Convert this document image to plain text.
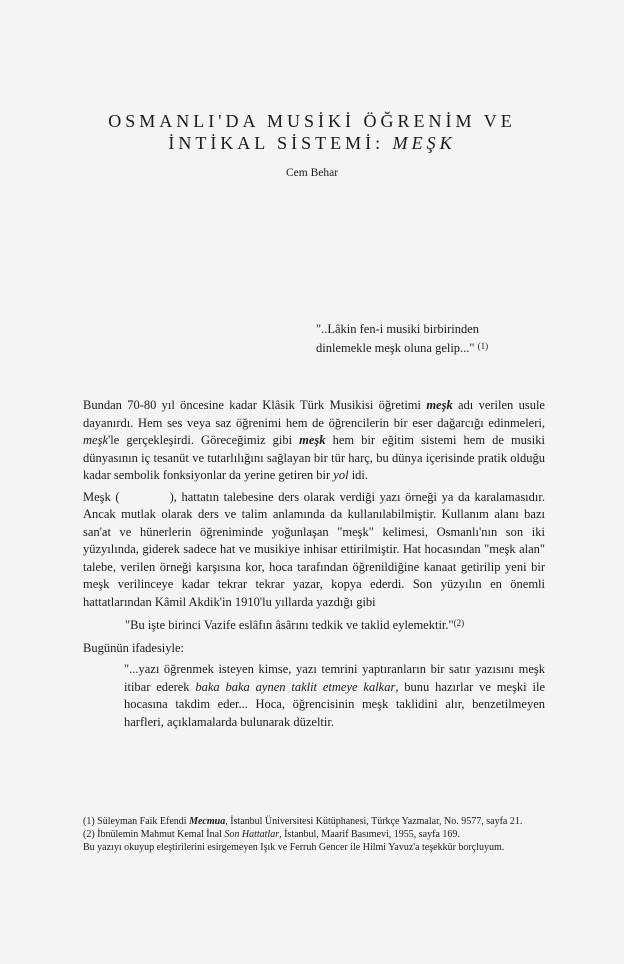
OSMANLI'DA MUSİKİ ÖĞRENİM VE
İNTİKAL SİSTEMİ: MEŞK
Cem Behar
"..Lâkin fen-i musiki birbirinden
dinlemekle meşk oluna gelip..." $^{(1)}$

Bundan 70-80 yıl öncesine kadar Klâsik Türk Musikisi öğretimi meşk adı verilen usule dayanırdı. Hem ses veya saz öğrenimi hem de öğrencilerin bir eser dağarcığı edinmeleri, meşk'le gerçekleşirdi. Göreceğimiz gibi meşk hem bir eğitim sistemi hem de musiki dünyasının iç tesanüt ve tutarlılığını sağlayan bir tür harç, bu dünya içerisinde pratik olduğu kadar sembolik fonksiyonlar da yerine getiren bir yol idi.

Meşk (	), hattatın talebesine ders olarak verdiği yazı örneği ya da karalamasıdır. Ancak mutlak olarak ders ve talim anlamında da kullanılabilmiştir. Kullanım alanı bazı san'at ve hünerlerin öğreniminde yoğunlaşan "meşk" kelimesi, Osmanlı'nın son iki yüzyılında, giderek sadece hat ve musikiye inhisar ettirilmiştir. Hat hocasından "meşk alan" talebe, verilen örneği karşısına kor, hoca tarafından öğrenildiğine kanaat getirilip yeni bir meşk verilinceye kadar tekrar tekrar yazar, kopya ederdi. Son yüzyılın en önemli hattatlarından Kâmil Akdik'in 1910'lu yıllarda yazdığı gibi

"Bu işte birinci Vazife eslâfın âsârını tedkik ve taklid eylemektir."$^{(2)}$

Bugünün ifadesiyle:

"...yazı öğrenmek isteyen kimse, yazı temrini yaptıranların bir satır yazısını meşk itibar ederek baka baka aynen taklit etmeye kalkar, bunu hazırlar ve meşki ile hocasına takdim eder... Hoca, öğrencisinin meşk taklidini alır, benzetilmeyen harfleri, açıklamalarda bulunarak düzeltir.
(1) Süleyman Faik Efendi Mecmua, İstanbul Üniversitesi Kütüphanesi, Türkçe Yazmalar, No. 9577, sayfa 21.
(2) İbnülemin Mahmut Kemal İnal Son Hattatlar, İstanbul, Maarif Basımevi, 1955, sayfa 169.
Bu yazıyı okuyup eleştirilerini esirgemeyen Işık ve Ferruh Gencer ile Hilmi Yavuz'a teşekkür borçluyum.
